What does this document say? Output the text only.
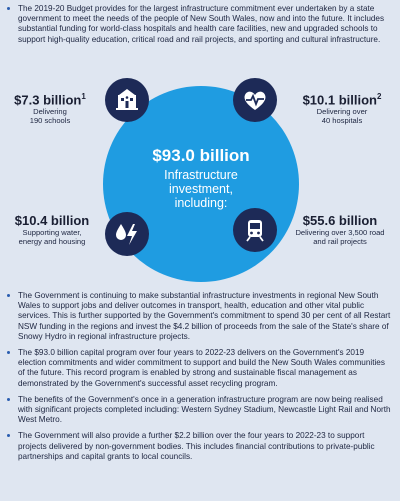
The 2019-20 Budget provides for the largest infrastructure commitment ever undertaken by a state government to meet the needs of the people of New South Wales, now and into the future. It includes substantial funding for world-class hospitals and health care facilities, new and upgraded schools to support high-quality education, critical road and rail projects, and sporting and cultural infrastructure.
$93.0 billion
Infrastructure
investment,
including:
$7.3 billion$^1$
Delivering
190 schools
$10.1 billion$^2$
Delivering over
40 hospitals
$10.4 billion
Supporting water,
energy and housing
$55.6 billion
Delivering over 3,500 road
and rail projects
The Government is continuing to make substantial infrastructure investments in regional New South Wales to support jobs and deliver outcomes in transport, health, education and other vital public services. This is further supported by the Government's commitment to spend 30 per cent of all Restart NSW funding in the regions and invest the $4.2 billion of proceeds from the sale of the State's share of Snowy Hydro in regional infrastructure projects.
The $93.0 billion capital program over four years to 2022-23 delivers on the Government's 2019 election commitments and wider commitment to support and build the New South Wales communities of the future. This record program is enabled by strong and sustainable fiscal management as demonstrated by the Government's successful asset recycling program.
The benefits of the Government's once in a generation infrastructure program are now being realised with significant projects completed including: Western Sydney Stadium, Newcastle Light Rail and North West Metro.
The Government will also provide a further $2.2 billion over the four years to 2022-23 to support projects delivered by non-government bodies. This includes financial contributions to private-public partnerships and capital grants to local councils.
